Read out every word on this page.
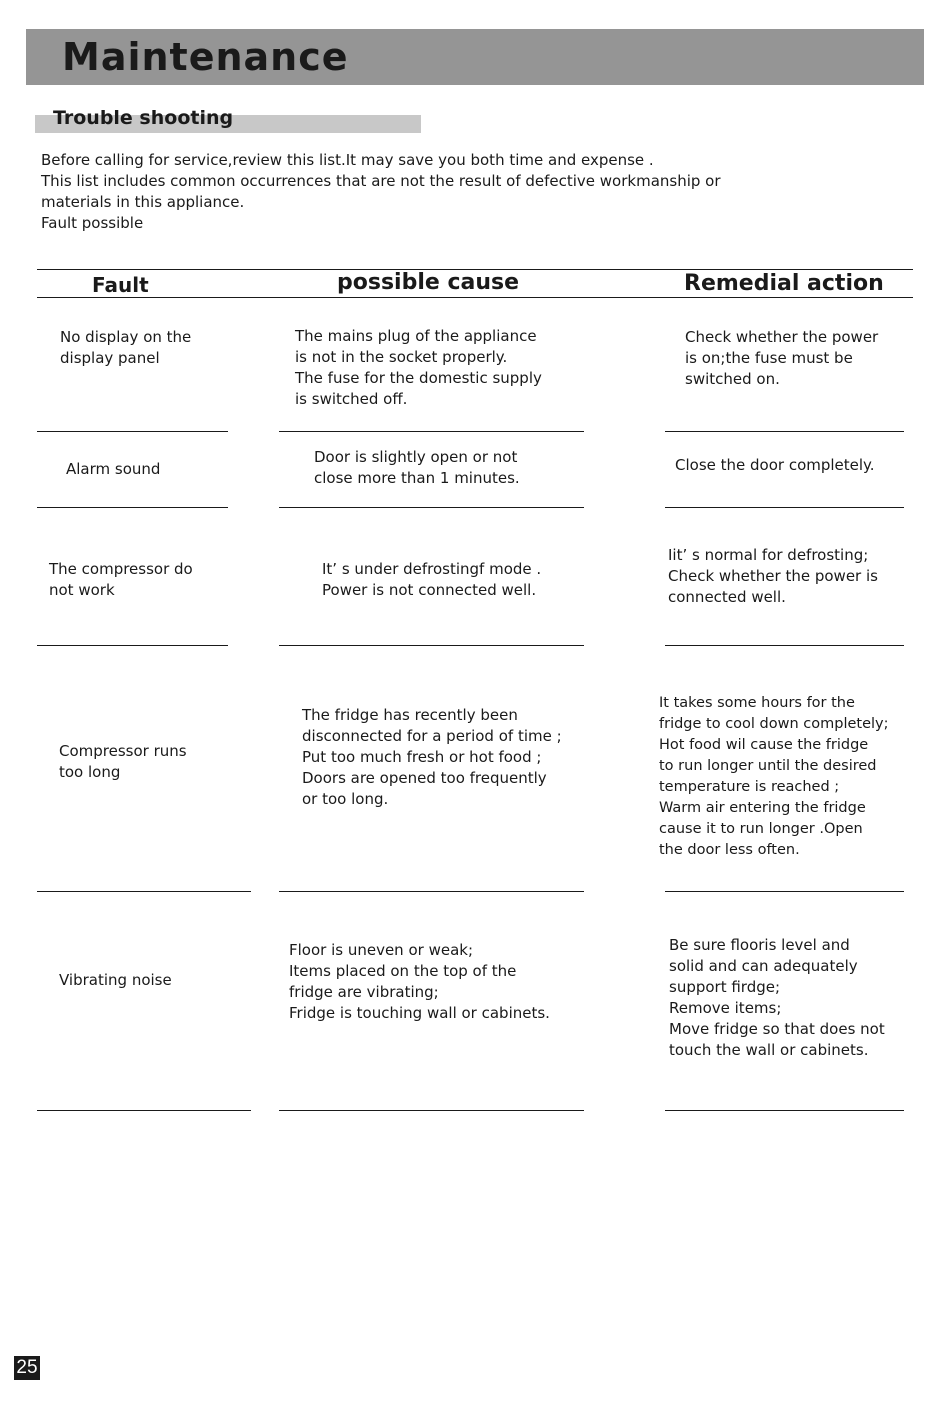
Maintenance
Trouble shooting

Before calling for service,review this list.It may save you both time and expense .

This list includes common occurrences that are not the result of defective workmanship or

materials in this appliance.

Fault possible

Fault	possible cause	Remedial action

No display on the

display panel

The mains plug of the appliance

is not in the socket properly.

The fuse for the domestic supply

is switched off.

Check whether the power

is on;the fuse must be

switched on.

Alarm sound

Door is slightly open or not

close more than 1 minutes.

Close the door completely.

The compressor do

not work

It’ s under defrostingf mode .

Power is not connected well.

Iit’ s normal for defrosting;

Check whether the power is

connected well.

Compressor runs

too long

The fridge has recently been

disconnected for a period of time ;

Put too much fresh or hot food ;

Doors are opened too frequently

or too long.

It takes some hours for the

fridge to cool down completely;

Hot food wil cause the fridge

to run longer until the desired

temperature is reached ;

Warm air entering the fridge

cause it to run longer .Open

the door less often.

Vibrating noise

Floor is uneven or weak;

Items placed on the top of the

fridge are vibrating;

Fridge is touching wall or cabinets.

Be sure flooris level and

solid and can adequately

support firdge;

Remove items;

Move fridge so that does not

touch the wall or cabinets.

25
